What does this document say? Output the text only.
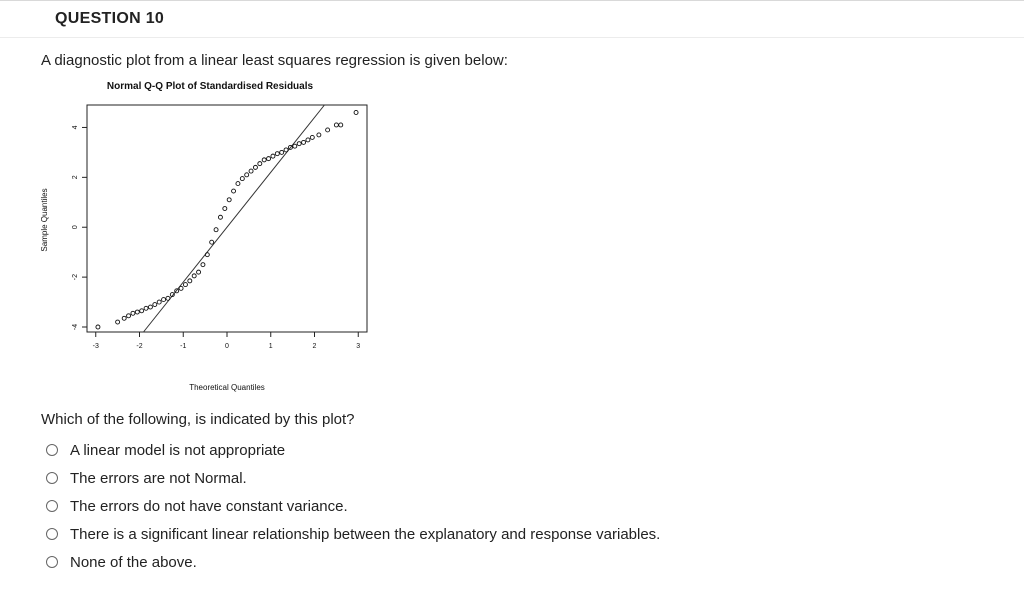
QUESTION 10
A diagnostic plot from a linear least squares regression is given below:
Normal Q-Q Plot of Standardised Residuals
-3	-2	-1	0	1	2	3
-4
-2
0
2
4
Theoretical Quantiles
Sample Quantiles
Which of the following, is indicated by this plot?
A linear model is not appropriate
The errors are not Normal.
The errors do not have constant variance.
There is a significant linear relationship between the explanatory and response variables.
None of the above.
